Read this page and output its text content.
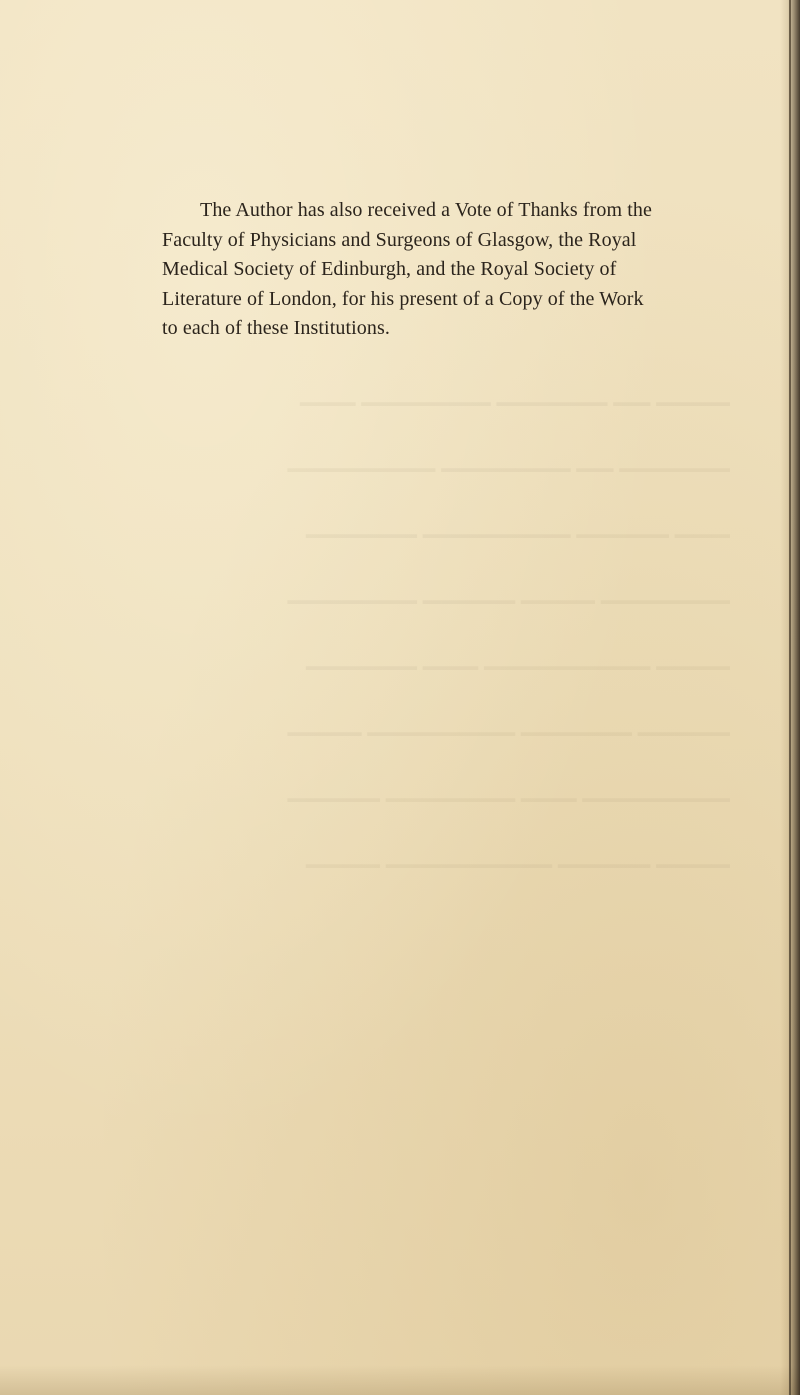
▁▁▁▁ ▁▁ ▁▁▁▁▁▁ ▁▁▁▁▁▁▁ ▁▁▁
▁▁▁▁▁▁ ▁▁ ▁▁▁▁▁▁▁ ▁▁▁▁▁▁▁▁
▁▁▁ ▁▁▁▁▁ ▁▁▁▁▁▁▁▁ ▁▁▁▁▁▁
▁▁▁▁▁▁▁ ▁▁▁▁ ▁▁▁▁▁ ▁▁▁▁▁▁▁
▁▁▁▁ ▁▁▁▁▁▁▁▁▁ ▁▁▁ ▁▁▁▁▁▁
▁▁▁▁▁ ▁▁▁▁▁▁ ▁▁▁▁▁▁▁▁ ▁▁▁▁
▁▁▁▁▁▁▁▁ ▁▁▁ ▁▁▁▁▁▁▁ ▁▁▁▁▁
▁▁▁▁ ▁▁▁▁▁ ▁▁▁▁▁▁▁▁▁ ▁▁▁▁
The Author has also received a Vote of Thanks from the
Faculty of Physicians and Surgeons of Glasgow, the Royal
Medical Society of Edinburgh, and the Royal Society of
Literature of London, for his present of a Copy of the Work
to each of these Institutions.
